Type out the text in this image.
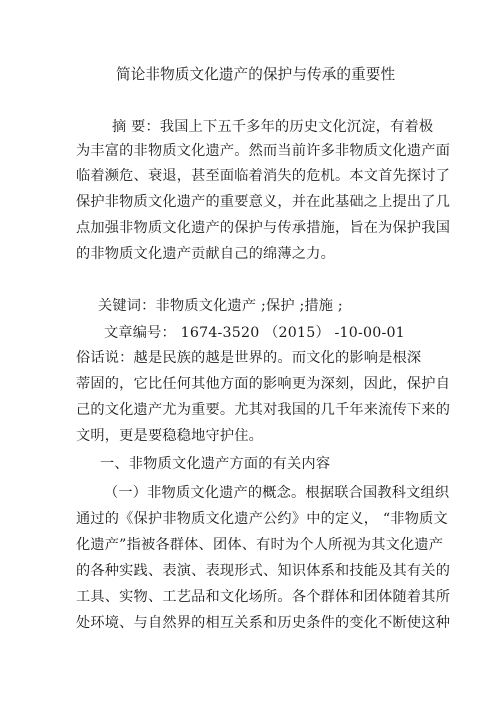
简论非物质文化遗产的保护与传承的重要性
摘 要：我国上下五千多年的历史文化沉淀，有着极
为丰富的非物质文化遗产。然而当前许多非物质文化遗产面
临着濒危、衰退，甚至面临着消失的危机。本文首先探讨了
保护非物质文化遗产的重要意义，并在此基础之上提出了几
点加强非物质文化遗产的保护与传承措施，旨在为保护我国
的非物质文化遗产贡献自己的绵薄之力。
关键词：非物质文化遗产 ;保护 ;措施 ;
文章编号： 1674-3520 （2015） -10-00-01
俗话说：越是民族的越是世界的。而文化的影响是根深
蒂固的，它比任何其他方面的影响更为深刻，因此，保护自
己的文化遗产尤为重要。尤其对我国的几千年来流传下来的
文明，更是要稳稳地守护住。
一、非物质文化遗产方面的有关内容
（一）非物质文化遗产的概念。根据联合国教科文组织
通过的《保护非物质文化遗产公约》中的定义， “非物质文
化遗产”指被各群体、团体、有时为个人所视为其文化遗产
的各种实践、表演、表现形式、知识体系和技能及其有关的
工具、实物、工艺品和文化场所。各个群体和团体随着其所
处环境、与自然界的相互关系和历史条件的变化不断使这种
